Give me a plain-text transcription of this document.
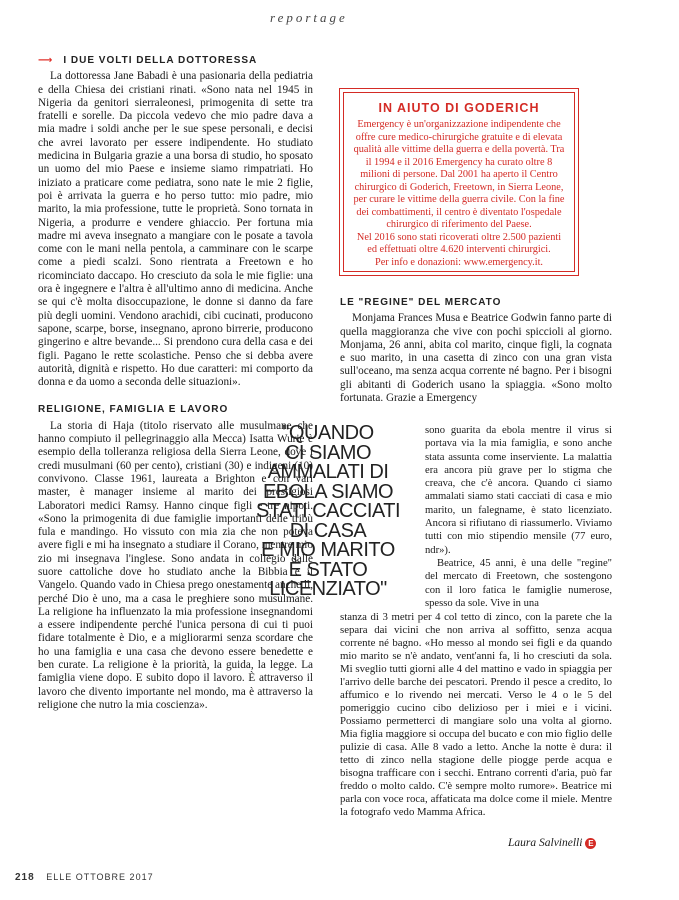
reportage
⟶ I DUE VOLTI DELLA DOTTORESSA

La dottoressa Jane Babadi è una pasionaria della pediatria e della Chiesa dei cristiani rinati. «Sono nata nel 1945 in Nigeria da genitori sierraleonesi, primogenita di sette tra fratelli e sorelle. Da piccola vedevo che mio padre dava a mia madre i soldi anche per le sue spese personali, e decisi che avrei lavorato per essere indipendente. Ho studiato medicina in Bulgaria grazie a una borsa di studio, ho sposato un uomo del mio Paese e insieme siamo rimpatriati. Ho iniziato a praticare come pediatra, sono nate le mie 2 figlie, poi è arrivata la guerra e ho perso tutto: mio padre, mio marito, la mia professione, tutte le proprietà. Sono tornata in Nigeria, a produrre e vendere ghiaccio. Per fortuna mia madre mi aveva insegnato a mangiare con le posate a tavola come con le mani nella pentola, a camminare con le scarpe come a piedi scalzi. Sono rientrata a Freetown e ho ricominciato daccapo. Ho cresciuto da sola le mie figlie: una ora è ingegnere e l'altra è all'ultimo anno di medicina. Anche se qui c'è molta disoccupazione, le donne si danno da fare più degli uomini. Vendono arachidi, cibi cucinati, producono sapone, scarpe, borse, insegnano, aprono birrerie, producono gingerino e altre bevande... Si prendono cura della casa e dei figli. Pagano le rette scolastiche. Penso che si debba avere autorità, dignità e rispetto. Ho due caratteri: mi comporto da donna e da uomo a seconda delle situazioni».

RELIGIONE, FAMIGLIA E LAVORO

La storia di Haja (titolo riservato alle musulmane che hanno compiuto il pellegrinaggio alla Mecca) Isatta Wurie è esempio della tolleranza religiosa della Sierra Leone, dove i credi musulmani (60 per cento), cristiani (30) e indigeni (10) convivono. Classe 1961, laureata a Brighton e con vari master, è manager insieme al marito dei prestigiosi Laboratori medici Ramsy. Hanno cinque figli e tre nipoti. «Sono la primogenita di due famiglie importanti delle tribù fula e mandingo. Ho vissuto con mia zia che non poteva avere figli e mi ha insegnato a studiare il Corano, mentre mio zio mi insegnava l'inglese. Sono andata in collegio dalle suore cattoliche dove ho studiato anche la Bibbia e il Vangelo. Quando vado in Chiesa prego onestamente anche lì, perché Dio è uno, ma a casa le preghiere sono musulmane. La religione ha influenzato la mia professione insegnandomi a essere indipendente perché l'unica persona di cui ti puoi fidare totalmente è Dio, e a migliorarmi senza scordare che ho una famiglia e una casa che devono essere benedette e ben curate. La religione è la priorità, la guida, la legge. La famiglia viene dopo. E subito dopo il lavoro. È attraverso il lavoro che divento importante nel mondo, ma è attraverso la religione che nutro la mia coscienza».

IN AIUTO DI GODERICH

Emergency è un'organizzazione indipendente che offre cure medico-chirurgiche gratuite e di elevata qualità alle vittime della guerra e della povertà. Tra il 1994 e il 2016 Emergency ha curato oltre 8 milioni di persone. Dal 2001 ha aperto il Centro chirurgico di Goderich, Freetown, in Sierra Leone, per curare le vittime della guerra civile. Con la fine dei combattimenti, il centro è diventato l'ospedale chirurgico di riferimento del Paese.

Nel 2016 sono stati ricoverati oltre 2.500 pazienti ed effettuati oltre 4.620 interventi chirurgici.

Per info e donazioni: www.emergency.it.

LE "REGINE" DEL MERCATO

Monjama Frances Musa e Beatrice Godwin fanno parte di quella maggioranza che vive con pochi spiccioli al giorno. Monjama, 26 anni, abita col marito, cinque figli, la cognata e suo marito, in una casetta di zinco con una gran vista sull'oceano, ma senza acqua corrente né bagno. Per i bisogni gli abitanti di Goderich usano la spiaggia. «Sono molto fortunata. Grazie a Emergency

"QUANDO
CI SIAMO
AMMALATI DI
EBOLA SIAMO
STATI CACCIATI
DI CASA
E MIO MARITO
È STATO
LICENZIATO"

sono guarita da ebola mentre il virus si portava via la mia famiglia, e sono anche stata assunta come inserviente. La malattia era ancora più grave per lo stigma che creava, che c'è ancora. Quando ci siamo ammalati siamo stati cacciati di casa e mio marito, un falegname, è stato licenziato. Ancora si rifiutano di riassumerlo. Viviamo tutti con mio stipendio mensile (77 euro, ndr»).

Beatrice, 45 anni, è una delle "regine" del mercato di Freetown, che sostengono con il loro fatica le famiglie numerose, spesso da sole. Vive in una

stanza di 3 metri per 4 col tetto di zinco, con la parete che la separa dai vicini che non arriva al soffitto, senza acqua corrente né bagno. «Ho messo al mondo sei figli e da quando mio marito se n'è andato, vent'anni fa, li ho cresciuti da sola. Mi sveglio tutti giorni alle 4 del mattino e vado in spiaggia per l'arrivo delle barche dei pescatori. Prendo il pesce a credito, lo affumico e lo rivendo nei mercati. Verso le 4 o le 5 del pomeriggio cucino cibo delizioso per i miei e i vicini. Possiamo permetterci di mangiare solo una volta al giorno. Mia figlia maggiore si occupa del bucato e con mio figlio delle pulizie di casa. Alle 8 vado a letto. Anche la notte è dura: il tetto di zinco nella stagione delle piogge perde acqua e bisogna trafficare con i secchi. Entrano correnti d'aria, può far freddo o molto caldo. C'è sempre molto rumore». Beatrice mi parla con voce roca, affaticata ma dolce come il miele. Mentre la fotografo vedo Mamma Africa.

Laura Salvinelli E
218 ELLE OTTOBRE 2017
